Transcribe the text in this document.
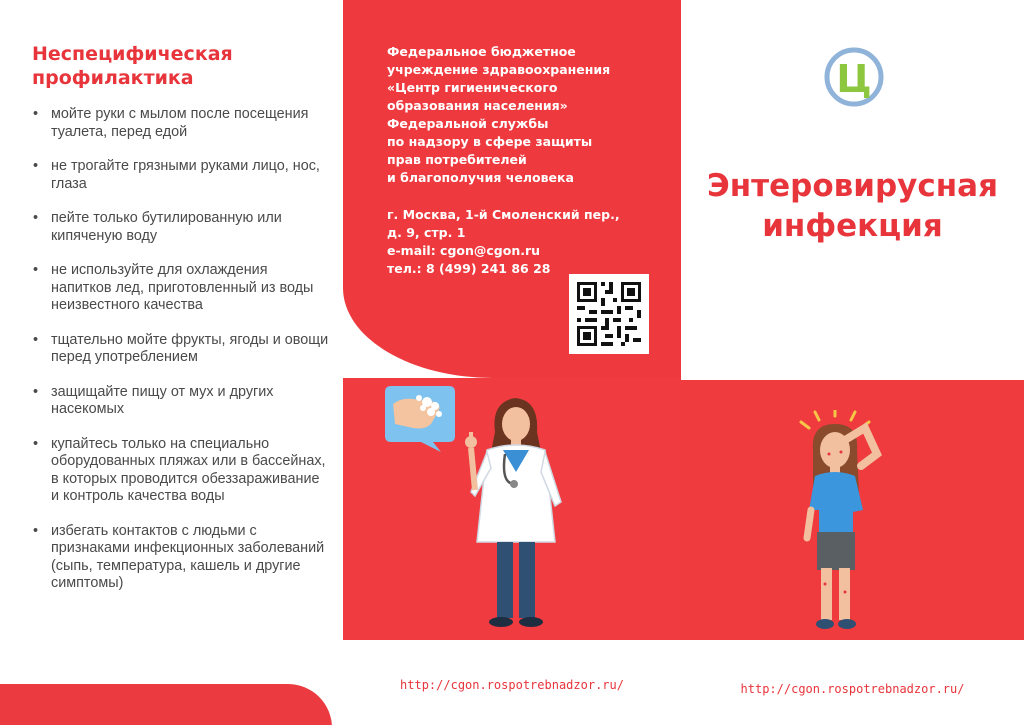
Неспецифическая профилактика
• мойте руки с мылом после посещения туалета, перед едой
• не трогайте грязными руками лицо, нос, глаза
• пейте только бутилированную или кипяченую воду
• не используйте для охлаждения напитков лед, приготовленный из воды неизвестного качества
• тщательно мойте фрукты, ягоды и овощи перед употреблением
• защищайте пищу от мух и других насекомых
• купайтесь только на специально оборудованных пляжах или в бассейнах, в которых проводится обеззараживание и контроль качества воды
• избегать контактов с людьми с признаками инфекционных заболеваний (сыпь, температура, кашель и другие симптомы)
Федеральное бюджетное
учреждение здравоохранения
«Центр гигиенического
образования населения»
Федеральной службы
по надзору в сфере защиты
прав потребителей
и благополучия человека
г. Москва, 1-й Смоленский пер.,
д. 9, стр. 1
e-mail: cgon@cgon.ru
тел.: 8 (499) 241 86 28
http://cgon.rospotrebnadzor.ru/
Ц
Энтеровирусная
инфекция
http://cgon.rospotrebnadzor.ru/
